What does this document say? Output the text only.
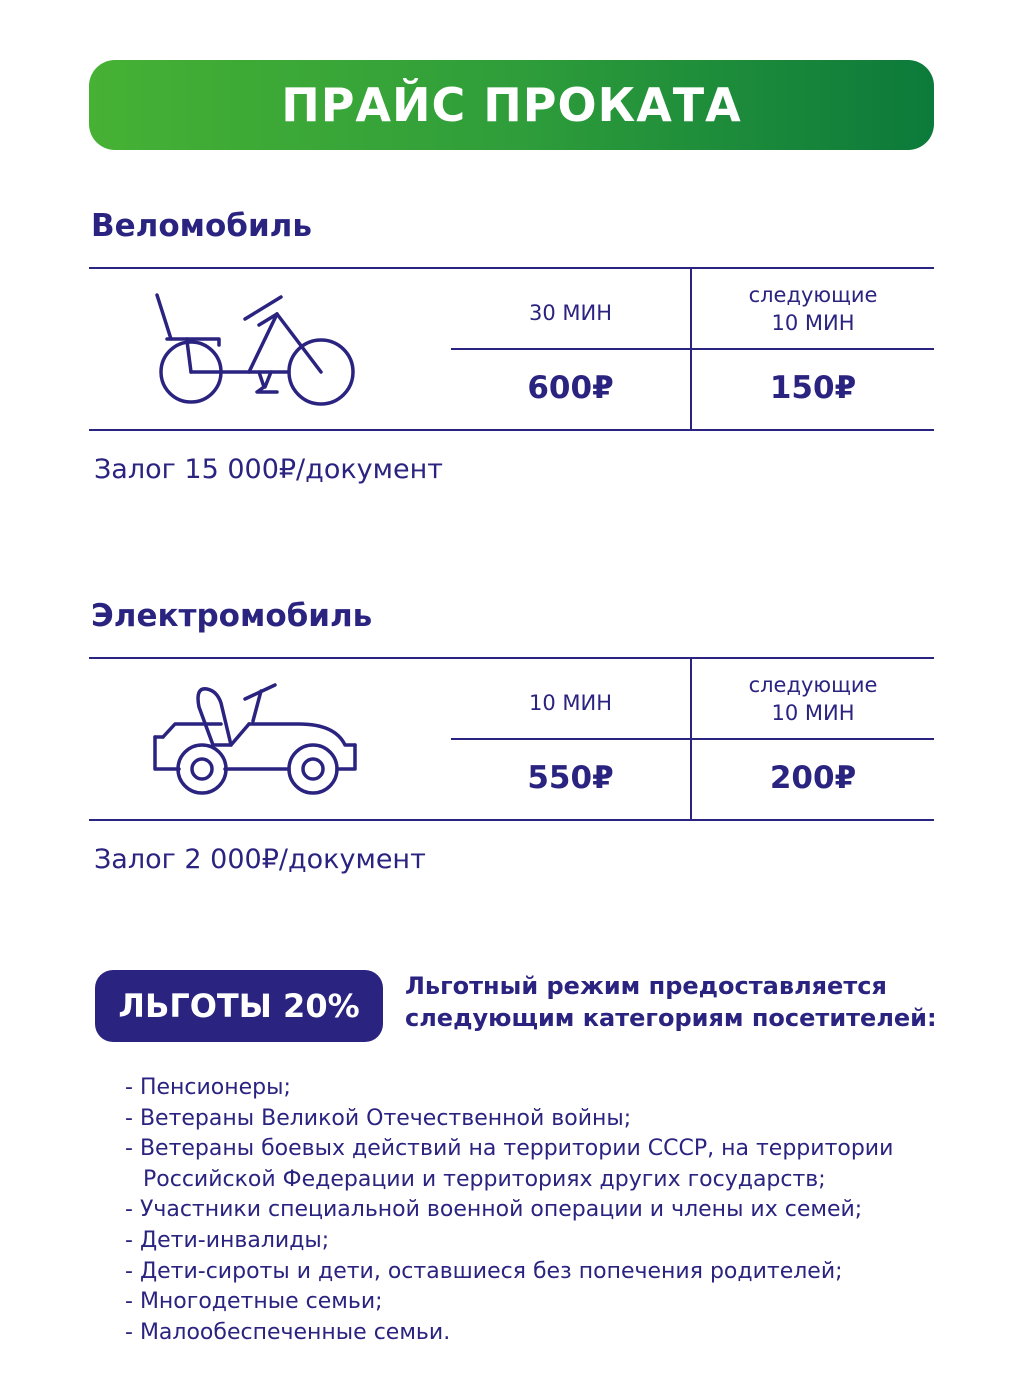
ПРАЙС ПРОКАТА
Веломобиль
30 МИН
следующие
10 МИН
600₽	150₽
Залог 15 000₽/документ
Электромобиль
10 МИН
следующие
10 МИН
550₽	200₽
Залог 2 000₽/документ
ЛЬГОТЫ 20%
Льготный режим предоставляется следующим категориям посетителей:
- Пенсионеры;
- Ветераны Великой Отечественной войны;
- Ветераны боевых действий на территории СССР, на территории Российской Федерации и территориях других государств;
- Участники специальной военной операции и члены их семей;
- Дети-инвалиды;
- Дети-сироты и дети, оставшиеся без попечения родителей;
- Многодетные семьи;
- Малообеспеченные семьи.
